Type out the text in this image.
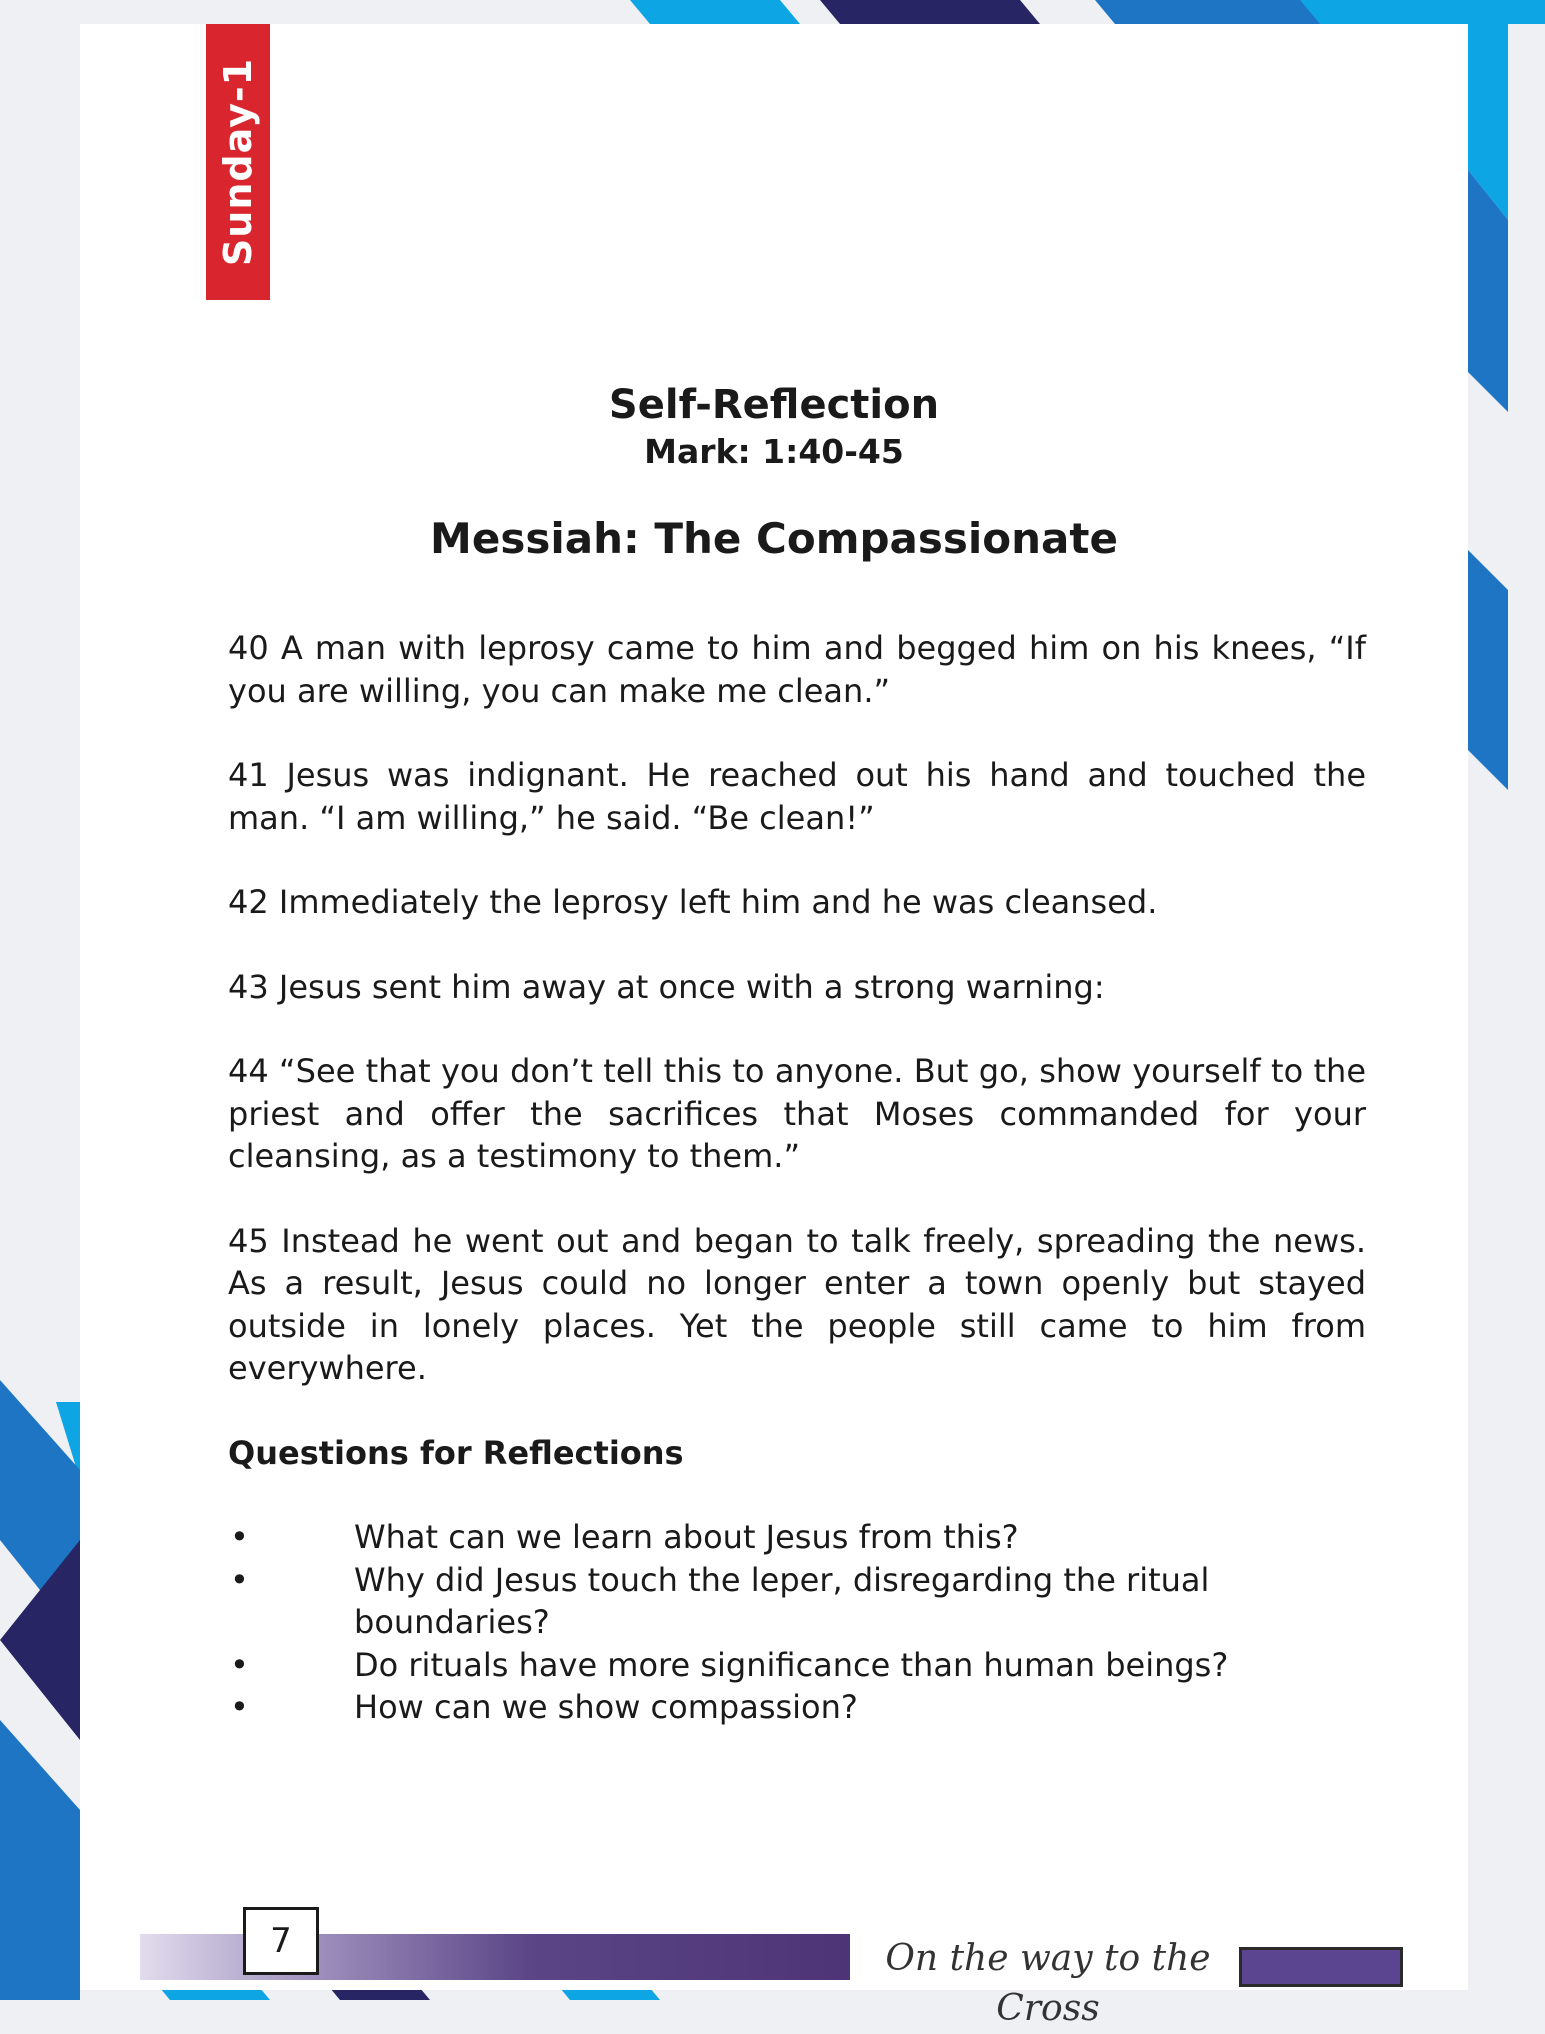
Sunday-1
Self-Reflection
Mark: 1:40-45
Messiah: The Compassionate

40 A man with leprosy came to him and begged him on his knees, “If you are willing, you can make me clean.”

41 Jesus was indignant. He reached out his hand and touched the man. “I am willing,” he said. “Be clean!”

42 Immediately the leprosy left him and he was cleansed.

43 Jesus sent him away at once with a strong warning:

44 “See that you don’t tell this to anyone. But go, show yourself to the priest and offer the sacrifices that Moses commanded for your cleansing, as a testimony to them.”

45 Instead he went out and began to talk freely, spreading the news. As a result, Jesus could no longer enter a town openly but stayed outside in lonely places. Yet the people still came to him from everywhere.

Questions for Reflections
•	What can we learn about Jesus from this?
•	Why did Jesus touch the leper, disregarding the ritual boundaries?
•	Do rituals have more significance than human beings?
•	How can we show compassion?
7	On the way to the Cross
